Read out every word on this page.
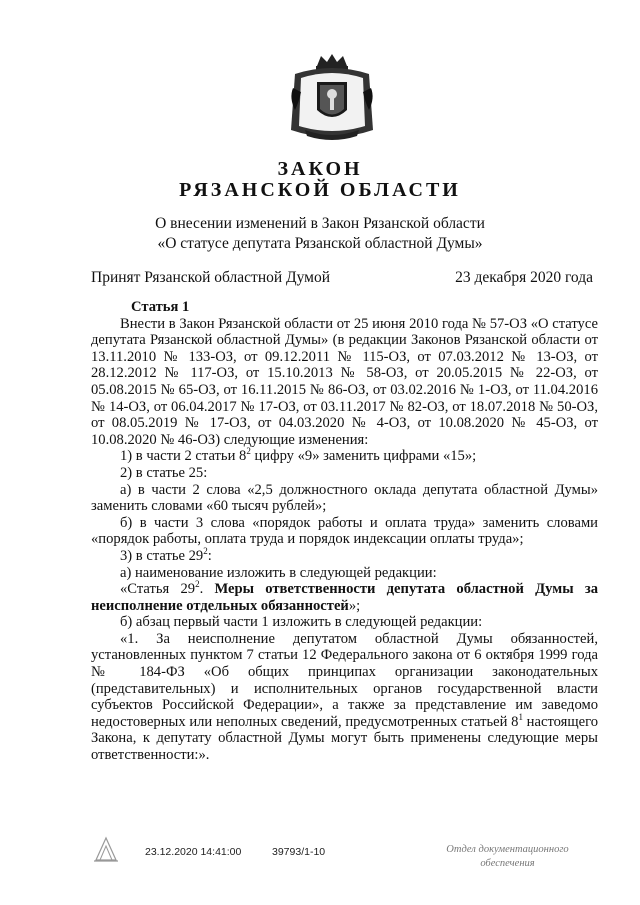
ЗАКОН
РЯЗАНСКОЙ ОБЛАСТИ
О внесении изменений в Закон Рязанской области
«О статусе депутата Рязанской областной Думы»
Принят Рязанской областной Думой	23 декабря 2020 года

Статья 1

Внести в Закон Рязанской области от 25 июня 2010 года № 57-ОЗ «О статусе депутата Рязанской областной Думы» (в редакции Законов Рязанской области от 13.11.2010 № 133-ОЗ, от 09.12.2011 № 115-ОЗ, от 07.03.2012 № 13-ОЗ, от 28.12.2012 № 117-ОЗ, от 15.10.2013 № 58-ОЗ, от 20.05.2015 № 22-ОЗ, от 05.08.2015 № 65-ОЗ, от 16.11.2015 № 86-ОЗ, от 03.02.2016 № 1-ОЗ, от 11.04.2016 № 14-ОЗ, от 06.04.2017 № 17-ОЗ, от 03.11.2017 № 82-ОЗ, от 18.07.2018 № 50-ОЗ, от 08.05.2019 № 17-ОЗ, от 04.03.2020 № 4-ОЗ, от 10.08.2020 № 45-ОЗ, от 10.08.2020 № 46-ОЗ) следующие изменения:

1) в части 2 статьи $8^2$ цифру «9» заменить цифрами «15»;

2) в статье 25:

а) в части 2 слова «2,5 должностного оклада депутата областной Думы» заменить словами «60 тысяч рублей»;

б) в части 3 слова «порядок работы и оплата труда» заменить словами «порядок работы, оплата труда и порядок индексации оплаты труда»;

3) в статье $29^2$:

а) наименование изложить в следующей редакции:

«Статья $29^2$. Меры ответственности депутата областной Думы за неисполнение отдельных обязанностей»;

б) абзац первый части 1 изложить в следующей редакции:

«1. За неисполнение депутатом областной Думы обязанностей, установленных пунктом 7 статьи 12 Федерального закона от 6 октября 1999 года № 184-ФЗ «Об общих принципах организации законодательных (представительных) и исполнительных органов государственной власти субъектов Российской Федерации», а также за представление им заведомо недостоверных или неполных сведений, предусмотренных статьей $8^1$ настоящего Закона, к депутату областной Думы могут быть применены следующие меры ответственности:».

23.12.2020 14:41:00	39793/1-10	Отдел документационного
обеспечения
